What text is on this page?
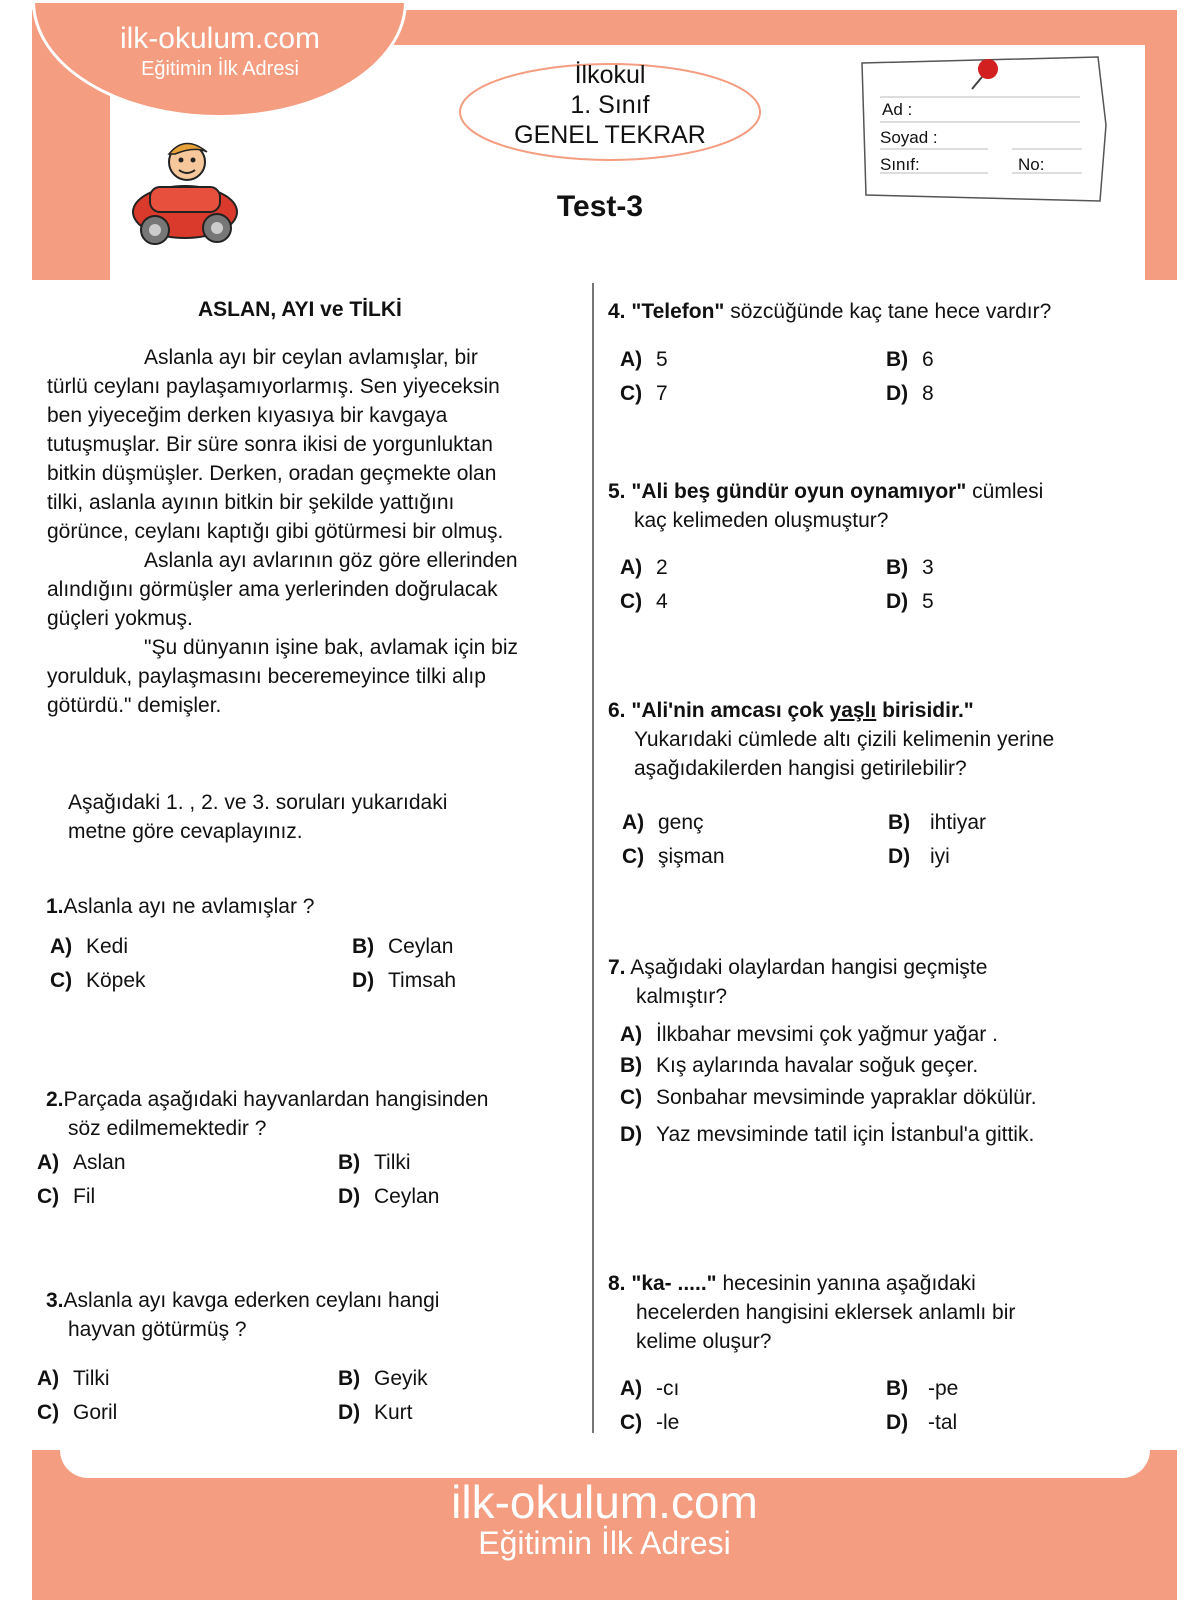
ilk-okulum.com
Eğitimin İlk Adresi	İlkokul
1. Sınıf
GENEL TEKRAR
Test-3
Ad :
Soyad :
Sınıf:	No:
ASLAN, AYI ve TİLKİ
Aslanla ayı bir ceylan avlamışlar, bir
türlü ceylanı paylaşamıyorlarmış. Sen yiyeceksin
ben yiyeceğim derken kıyasıya bir kavgaya
tutuşmuşlar. Bir süre sonra ikisi de yorgunluktan
bitkin düşmüşler. Derken, oradan geçmekte olan
tilki, aslanla ayının bitkin bir şekilde yattığını
görünce, ceylanı kaptığı gibi götürmesi bir olmuş.
Aslanla ayı avlarının göz göre ellerinden
alındığını görmüşler ama yerlerinden doğrulacak
güçleri yokmuş.
"Şu dünyanın işine bak, avlamak için biz
yorulduk, paylaşmasını beceremeyince tilki alıp
götürdü." demişler.
Aşağıdaki 1. , 2. ve 3. soruları yukarıdaki
metne göre cevaplayınız.
1.Aslanla ayı ne avlamışlar ?
A) Kedi	B) Ceylan
C) Köpek	D) Timsah
2.Parçada aşağıdaki hayvanlardan hangisinden
söz edilmemektedir ?
A) Aslan	B) Tilki
C) Fil	D) Ceylan
3.Aslanla ayı kavga ederken ceylanı hangi
hayvan götürmüş ?
A) Tilki	B) Geyik
C) Goril	D) Kurt
4. "Telefon" sözcüğünde kaç tane hece vardır?
A) 5	B) 6
C) 7	D) 8
5. "Ali beş gündür oyun oynamıyor" cümlesi
kaç kelimeden oluşmuştur?
A) 2	B) 3
C) 4	D) 5
6. "Ali'nin amcası çok yaşlı birisidir."
Yukarıdaki cümlede altı çizili kelimenin yerine
aşağıdakilerden hangisi getirilebilir?
A) genç	B) ihtiyar
C) şişman	D) iyi
7. Aşağıdaki olaylardan hangisi geçmişte
kalmıştır?
A) İlkbahar mevsimi çok yağmur yağar .
B) Kış aylarında havalar soğuk geçer.
C) Sonbahar mevsiminde yapraklar dökülür.
D) Yaz mevsiminde tatil için İstanbul'a gittik.
8. "ka- ....." hecesinin yanına aşağıdaki
hecelerden hangisini eklersek anlamlı bir
kelime oluşur?
A) -cı	B) -pe
C) -le	D) -tal
ilk-okulum.com
Eğitimin İlk Adresi
